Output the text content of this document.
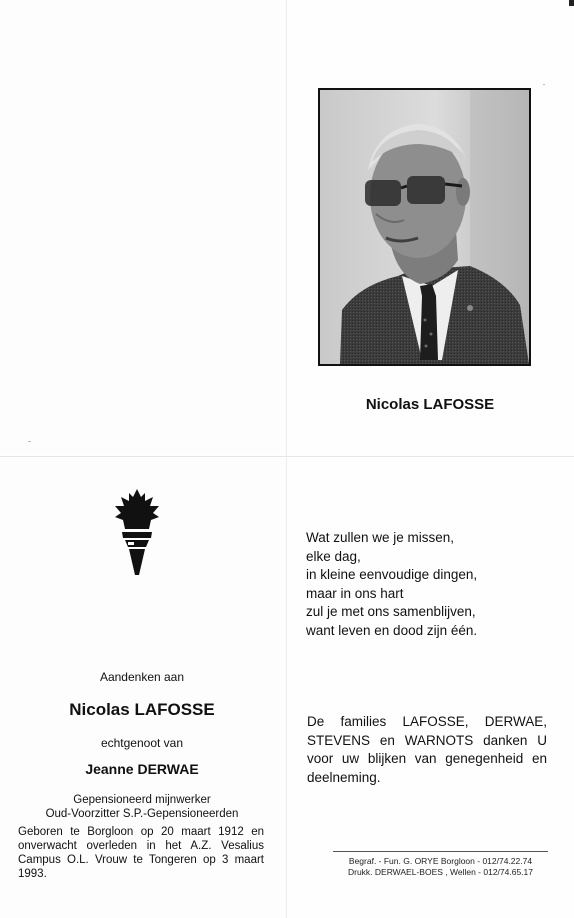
Nicolas LAFOSSE
Aandenken aan
Nicolas LAFOSSE
echtgenoot van
Jeanne DERWAE
Gepensioneerd mijnwerker
Oud-Voorzitter S.P.-Gepensioneerden
Geboren te Borgloon op 20 maart 1912 en onverwacht overleden in het A.Z. Vesalius Campus O.L. Vrouw te Tongeren op 3 maart 1993.
Wat zullen we je missen,
elke dag,
in kleine eenvoudige dingen,
maar in ons hart
zul je met ons samenblijven,
want leven en dood zijn één.
De families LAFOSSE, DERWAE, STEVENS en WARNOTS danken U voor uw blijken van genegenheid en deelneming.
Begraf. - Fun. G. ORYE Borgloon - 012/74.22.74
Drukk. DERWAEL-BOES , Wellen - 012/74.65.17
